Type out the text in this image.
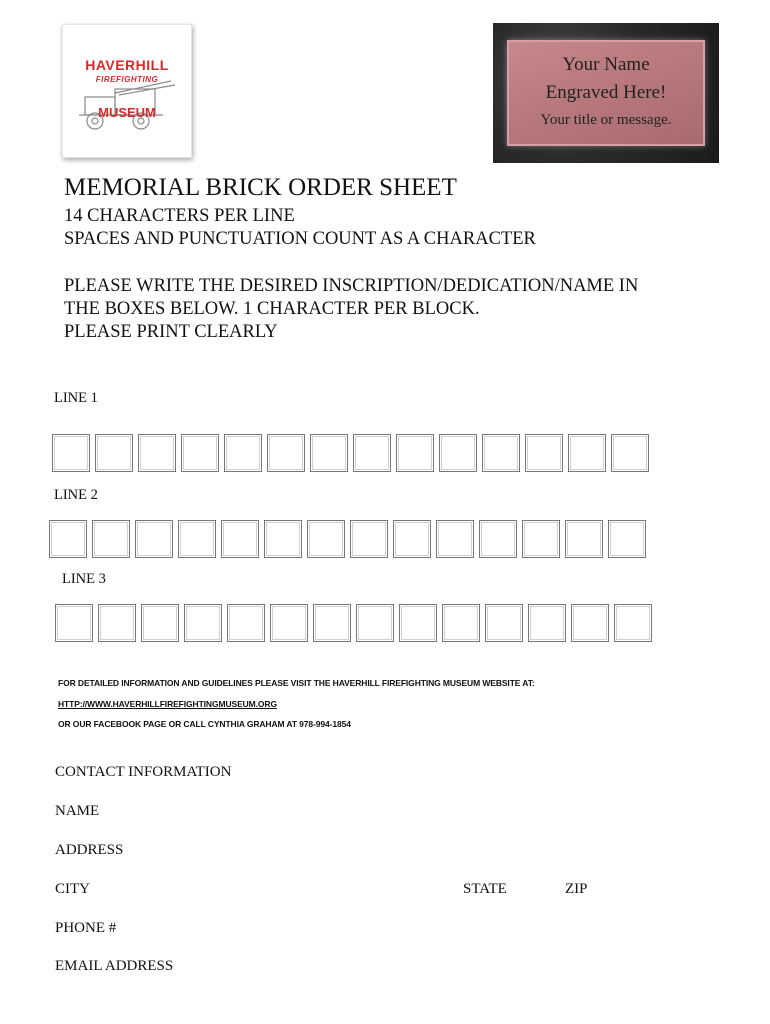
HAVERHILL
FIREFIGHTING
MUSEUM
Your Name
Engraved Here!
Your title or message.
MEMORIAL BRICK ORDER SHEET
14 CHARACTERS PER LINE
SPACES AND PUNCTUATION COUNT AS A CHARACTER
PLEASE WRITE THE DESIRED INSCRIPTION/DEDICATION/NAME IN
THE BOXES BELOW. 1 CHARACTER PER BLOCK.
PLEASE PRINT CLEARLY
LINE 1
LINE 2
LINE 3
FOR DETAILED INFORMATION AND GUIDELINES PLEASE VISIT THE HAVERHILL FIREFIGHTING MUSEUM WEBSITE AT:
HTTP://WWW.HAVERHILLFIREFIGHTINGMUSEUM.ORG
OR OUR FACEBOOK PAGE OR CALL CYNTHIA GRAHAM AT 978-994-1854
CONTACT INFORMATION
NAME
ADDRESS
CITY	STATE	ZIP
PHONE #
EMAIL ADDRESS
